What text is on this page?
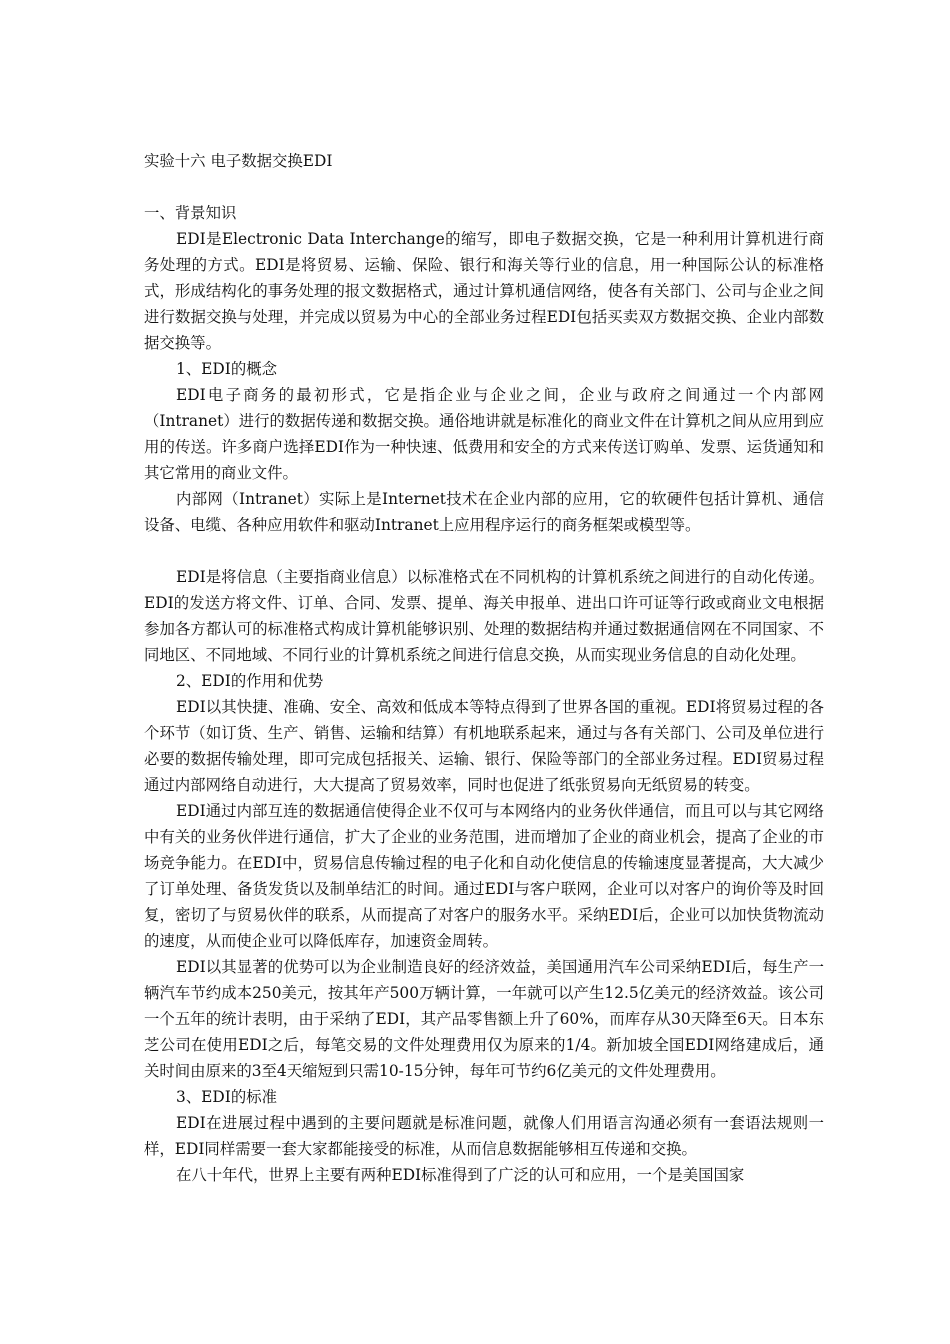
实验十六 电子数据交换EDI
一、背景知识

EDI是Electronic Data Interchange的缩写，即电子数据交换，它是一种利用计算机进行商务处理的方式。EDI是将贸易、运输、保险、银行和海关等行业的信息，用一种国际公认的标准格式，形成结构化的事务处理的报文数据格式，通过计算机通信网络，使各有关部门、公司与企业之间进行数据交换与处理，并完成以贸易为中心的全部业务过程EDI包括买卖双方数据交换、企业内部数据交换等。

1、EDI的概念

EDI电子商务的最初形式，它是指企业与企业之间，企业与政府之间通过一个内部网（Intranet）进行的数据传递和数据交换。通俗地讲就是标准化的商业文件在计算机之间从应用到应用的传送。许多商户选择EDI作为一种快速、低费用和安全的方式来传送订购单、发票、运货通知和其它常用的商业文件。

内部网（Intranet）实际上是Internet技术在企业内部的应用，它的软硬件包括计算机、通信设备、电缆、各种应用软件和驱动Intranet上应用程序运行的商务框架或模型等。

EDI是将信息（主要指商业信息）以标准格式在不同机构的计算机系统之间进行的自动化传递。EDI的发送方将文件、订单、合同、发票、提单、海关申报单、进出口许可证等行政或商业文电根据参加各方都认可的标准格式构成计算机能够识别、处理的数据结构并通过数据通信网在不同国家、不同地区、不同地域、不同行业的计算机系统之间进行信息交换，从而实现业务信息的自动化处理。

2、EDI的作用和优势

EDI以其快捷、准确、安全、高效和低成本等特点得到了世界各国的重视。EDI将贸易过程的各个环节（如订货、生产、销售、运输和结算）有机地联系起来，通过与各有关部门、公司及单位进行必要的数据传输处理，即可完成包括报关、运输、银行、保险等部门的全部业务过程。EDI贸易过程通过内部网络自动进行，大大提高了贸易效率，同时也促进了纸张贸易向无纸贸易的转变。

EDI通过内部互连的数据通信使得企业不仅可与本网络内的业务伙伴通信，而且可以与其它网络中有关的业务伙伴进行通信，扩大了企业的业务范围，进而增加了企业的商业机会，提高了企业的市场竞争能力。在EDI中，贸易信息传输过程的电子化和自动化使信息的传输速度显著提高，大大减少了订单处理、备货发货以及制单结汇的时间。通过EDI与客户联网，企业可以对客户的询价等及时回复，密切了与贸易伙伴的联系，从而提高了对客户的服务水平。采纳EDI后，企业可以加快货物流动的速度，从而使企业可以降低库存，加速资金周转。

EDI以其显著的优势可以为企业制造良好的经济效益，美国通用汽车公司采纳EDI后，每生产一辆汽车节约成本250美元，按其年产500万辆计算，一年就可以产生12.5亿美元的经济效益。该公司一个五年的统计表明，由于采纳了EDI，其产品零售额上升了60%，而库存从30天降至6天。日本东芝公司在使用EDI之后，每笔交易的文件处理费用仅为原来的1/4。新加坡全国EDI网络建成后，通关时间由原来的3至4天缩短到只需10-15分钟，每年可节约6亿美元的文件处理费用。

3、EDI的标准

EDI在进展过程中遇到的主要问题就是标准问题，就像人们用语言沟通必须有一套语法规则一样，EDI同样需要一套大家都能接受的标准，从而信息数据能够相互传递和交换。

在八十年代，世界上主要有两种EDI标准得到了广泛的认可和应用，一个是美国国家
